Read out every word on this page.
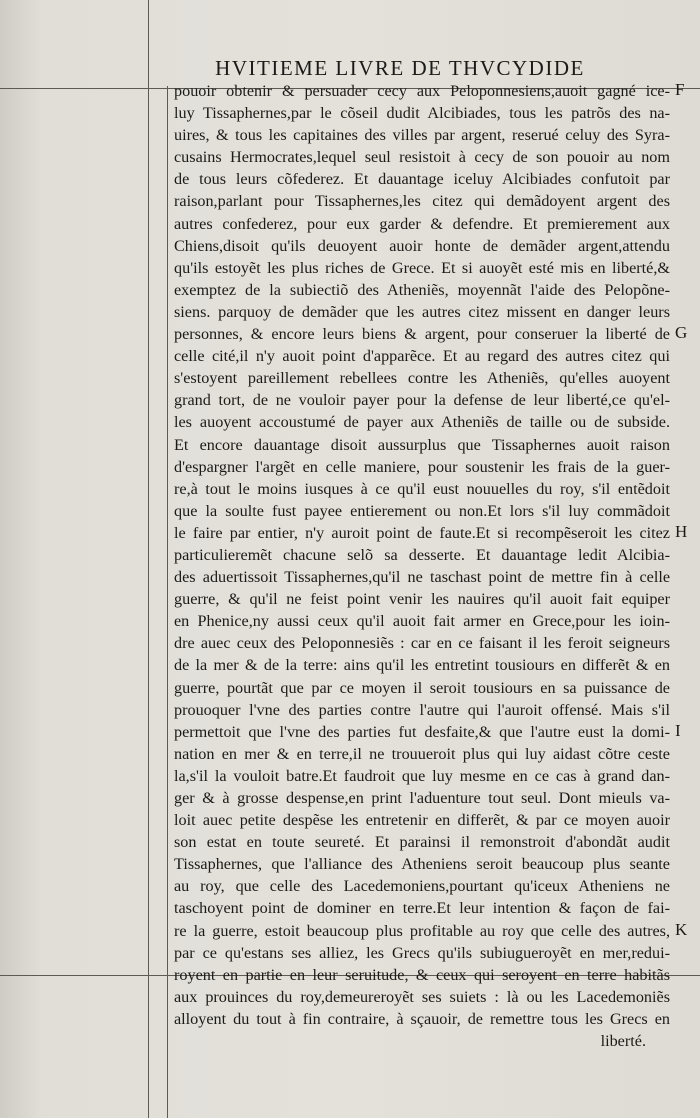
HVITIEME LIVRE DE THVCYDIDE
pouoir obtenir & persuader cecy aux Peloponnesiens,auoit gagné ice-
luy Tissaphernes,par le cõseil dudit Alcibiades, tous les patrõs des na-
uires, & tous les capitaines des villes par argent, reserué celuy des Syra-
cusains Hermocrates,lequel seul resistoit à cecy de son pouoir au nom
de tous leurs cõfederez. Et dauantage iceluy Alcibiades confutoit par
raison,parlant pour Tissaphernes,les citez qui demãdoyent argent des
autres confederez, pour eux garder & defendre. Et premierement aux
Chiens,disoit qu'ils deuoyent auoir honte de demãder argent,attendu
qu'ils estoyẽt les plus riches de Grece. Et si auoyẽt esté mis en liberté,&
exemptez de la subiectiõ des Atheniẽs, moyennãt l'aide des Pelopõne-
siens. parquoy de demãder que les autres citez missent en danger leurs
personnes, & encore leurs biens & argent, pour conseruer la liberté de
celle cité,il n'y auoit point d'apparẽce. Et au regard des autres citez qui
s'estoyent pareillement rebellees contre les Atheniẽs, qu'elles auoyent
grand tort, de ne vouloir payer pour la defense de leur liberté,ce qu'el-
les auoyent accoustumé de payer aux Atheniẽs de taille ou de subside.
Et encore dauantage disoit aussurplus que Tissaphernes auoit raison
d'espargner l'argẽt en celle maniere, pour soustenir les frais de la guer-
re,à tout le moins iusques à ce qu'il eust nouuelles du roy, s'il entẽdoit
que la soulte fust payee entierement ou non.Et lors s'il luy commãdoit
le faire par entier, n'y auroit point de faute.Et si recompẽseroit les citez
particulieremẽt chacune selõ sa desserte. Et dauantage ledit Alcibia-
des aduertissoit Tissaphernes,qu'il ne taschast point de mettre fin à celle
guerre, & qu'il ne feist point venir les nauires qu'il auoit fait equiper
en Phenice,ny aussi ceux qu'il auoit fait armer en Grece,pour les ioin-
dre auec ceux des Peloponnesiẽs : car en ce faisant il les feroit seigneurs
de la mer & de la terre: ains qu'il les entretint tousiours en differẽt & en
guerre, pourtãt que par ce moyen il seroit tousiours en sa puissance de
prouoquer l'vne des parties contre l'autre qui l'auroit offensé. Mais s'il
permettoit que l'vne des parties fut desfaite,& que l'autre eust la domi-
nation en mer & en terre,il ne trouueroit plus qui luy aidast cõtre ceste
la,s'il la vouloit batre.Et faudroit que luy mesme en ce cas à grand dan-
ger & à grosse despense,en print l'aduenture tout seul. Dont mieuls va-
loit auec petite despẽse les entretenir en differẽt, & par ce moyen auoir
son estat en toute seureté. Et parainsi il remonstroit d'abondãt audit
Tissaphernes, que l'alliance des Atheniens seroit beaucoup plus seante
au roy, que celle des Lacedemoniens,pourtant qu'iceux Atheniens ne
taschoyent point de dominer en terre.Et leur intention & façon de fai-
re la guerre, estoit beaucoup plus profitable au roy que celle des autres,
par ce qu'estans ses alliez, les Grecs qu'ils subiugueroyẽt en mer,redui-
royent en partie en leur seruitude, & ceux qui seroyent en terre habitãs
aux prouinces du roy,demeureroyẽt ses suiets : là ou les Lacedemoniẽs
alloyent du tout à fin contraire, à sçauoir, de remettre tous les Grecs en
liberté.
F
G
H
I
K
